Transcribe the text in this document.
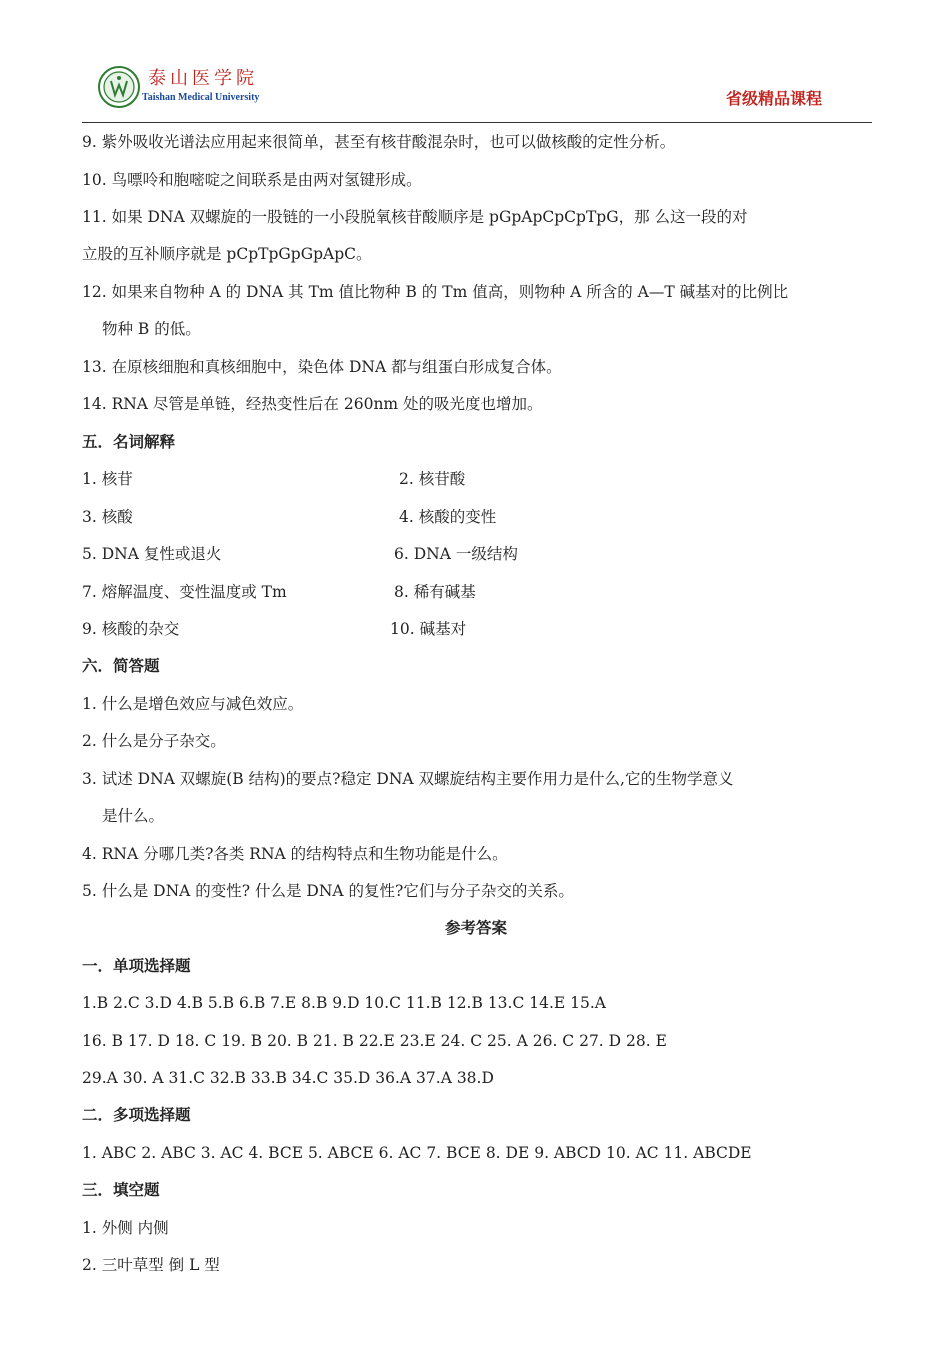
泰山医学院
Taishan Medical University	省级精品课程
9. 紫外吸收光谱法应用起来很简单，甚至有核苷酸混杂时，也可以做核酸的定性分析。
10. 鸟嘌呤和胞嘧啶之间联系是由两对氢键形成。
11. 如果 DNA 双螺旋的一股链的一小段脱氧核苷酸顺序是 pGpApCpCpTpG，那 么这一段的对
立股的互补顺序就是 pCpTpGpGpApC。
12. 如果来自物种 A 的 DNA 其 Tm 值比物种 B 的 Tm 值高，则物种 A 所含的 A—T 碱基对的比例比
物种 B 的低。
13. 在原核细胞和真核细胞中，染色体 DNA 都与组蛋白形成复合体。
14. RNA 尽管是单链，经热变性后在 260nm 处的吸光度也增加。
五．名词解释
1. 核苷	2. 核苷酸
3. 核酸	4. 核酸的变性
5. DNA 复性或退火	6. DNA 一级结构
7. 熔解温度、变性温度或 Tm	8. 稀有碱基
9. 核酸的杂交	10. 碱基对
六．简答题
1. 什么是增色效应与减色效应。
2. 什么是分子杂交。
3. 试述 DNA 双螺旋(B 结构)的要点?稳定 DNA 双螺旋结构主要作用力是什么,它的生物学意义
是什么。
4. RNA 分哪几类?各类 RNA 的结构特点和生物功能是什么。
5. 什么是 DNA 的变性? 什么是 DNA 的复性?它们与分子杂交的关系。
参考答案
一．单项选择题
1.B 2.C 3.D 4.B 5.B 6.B 7.E 8.B 9.D 10.C 11.B 12.B 13.C 14.E 15.A
16. B 17. D 18. C 19. B 20. B 21. B 22.E 23.E 24. C 25. A 26. C 27. D 28. E
29.A 30. A 31.C 32.B 33.B 34.C 35.D 36.A 37.A 38.D
二．多项选择题
1. ABC 2. ABC 3. AC 4. BCE 5. ABCE 6. AC 7. BCE 8. DE 9. ABCD 10. AC 11. ABCDE
三．填空题
1. 外侧 内侧
2. 三叶草型 倒 L 型
